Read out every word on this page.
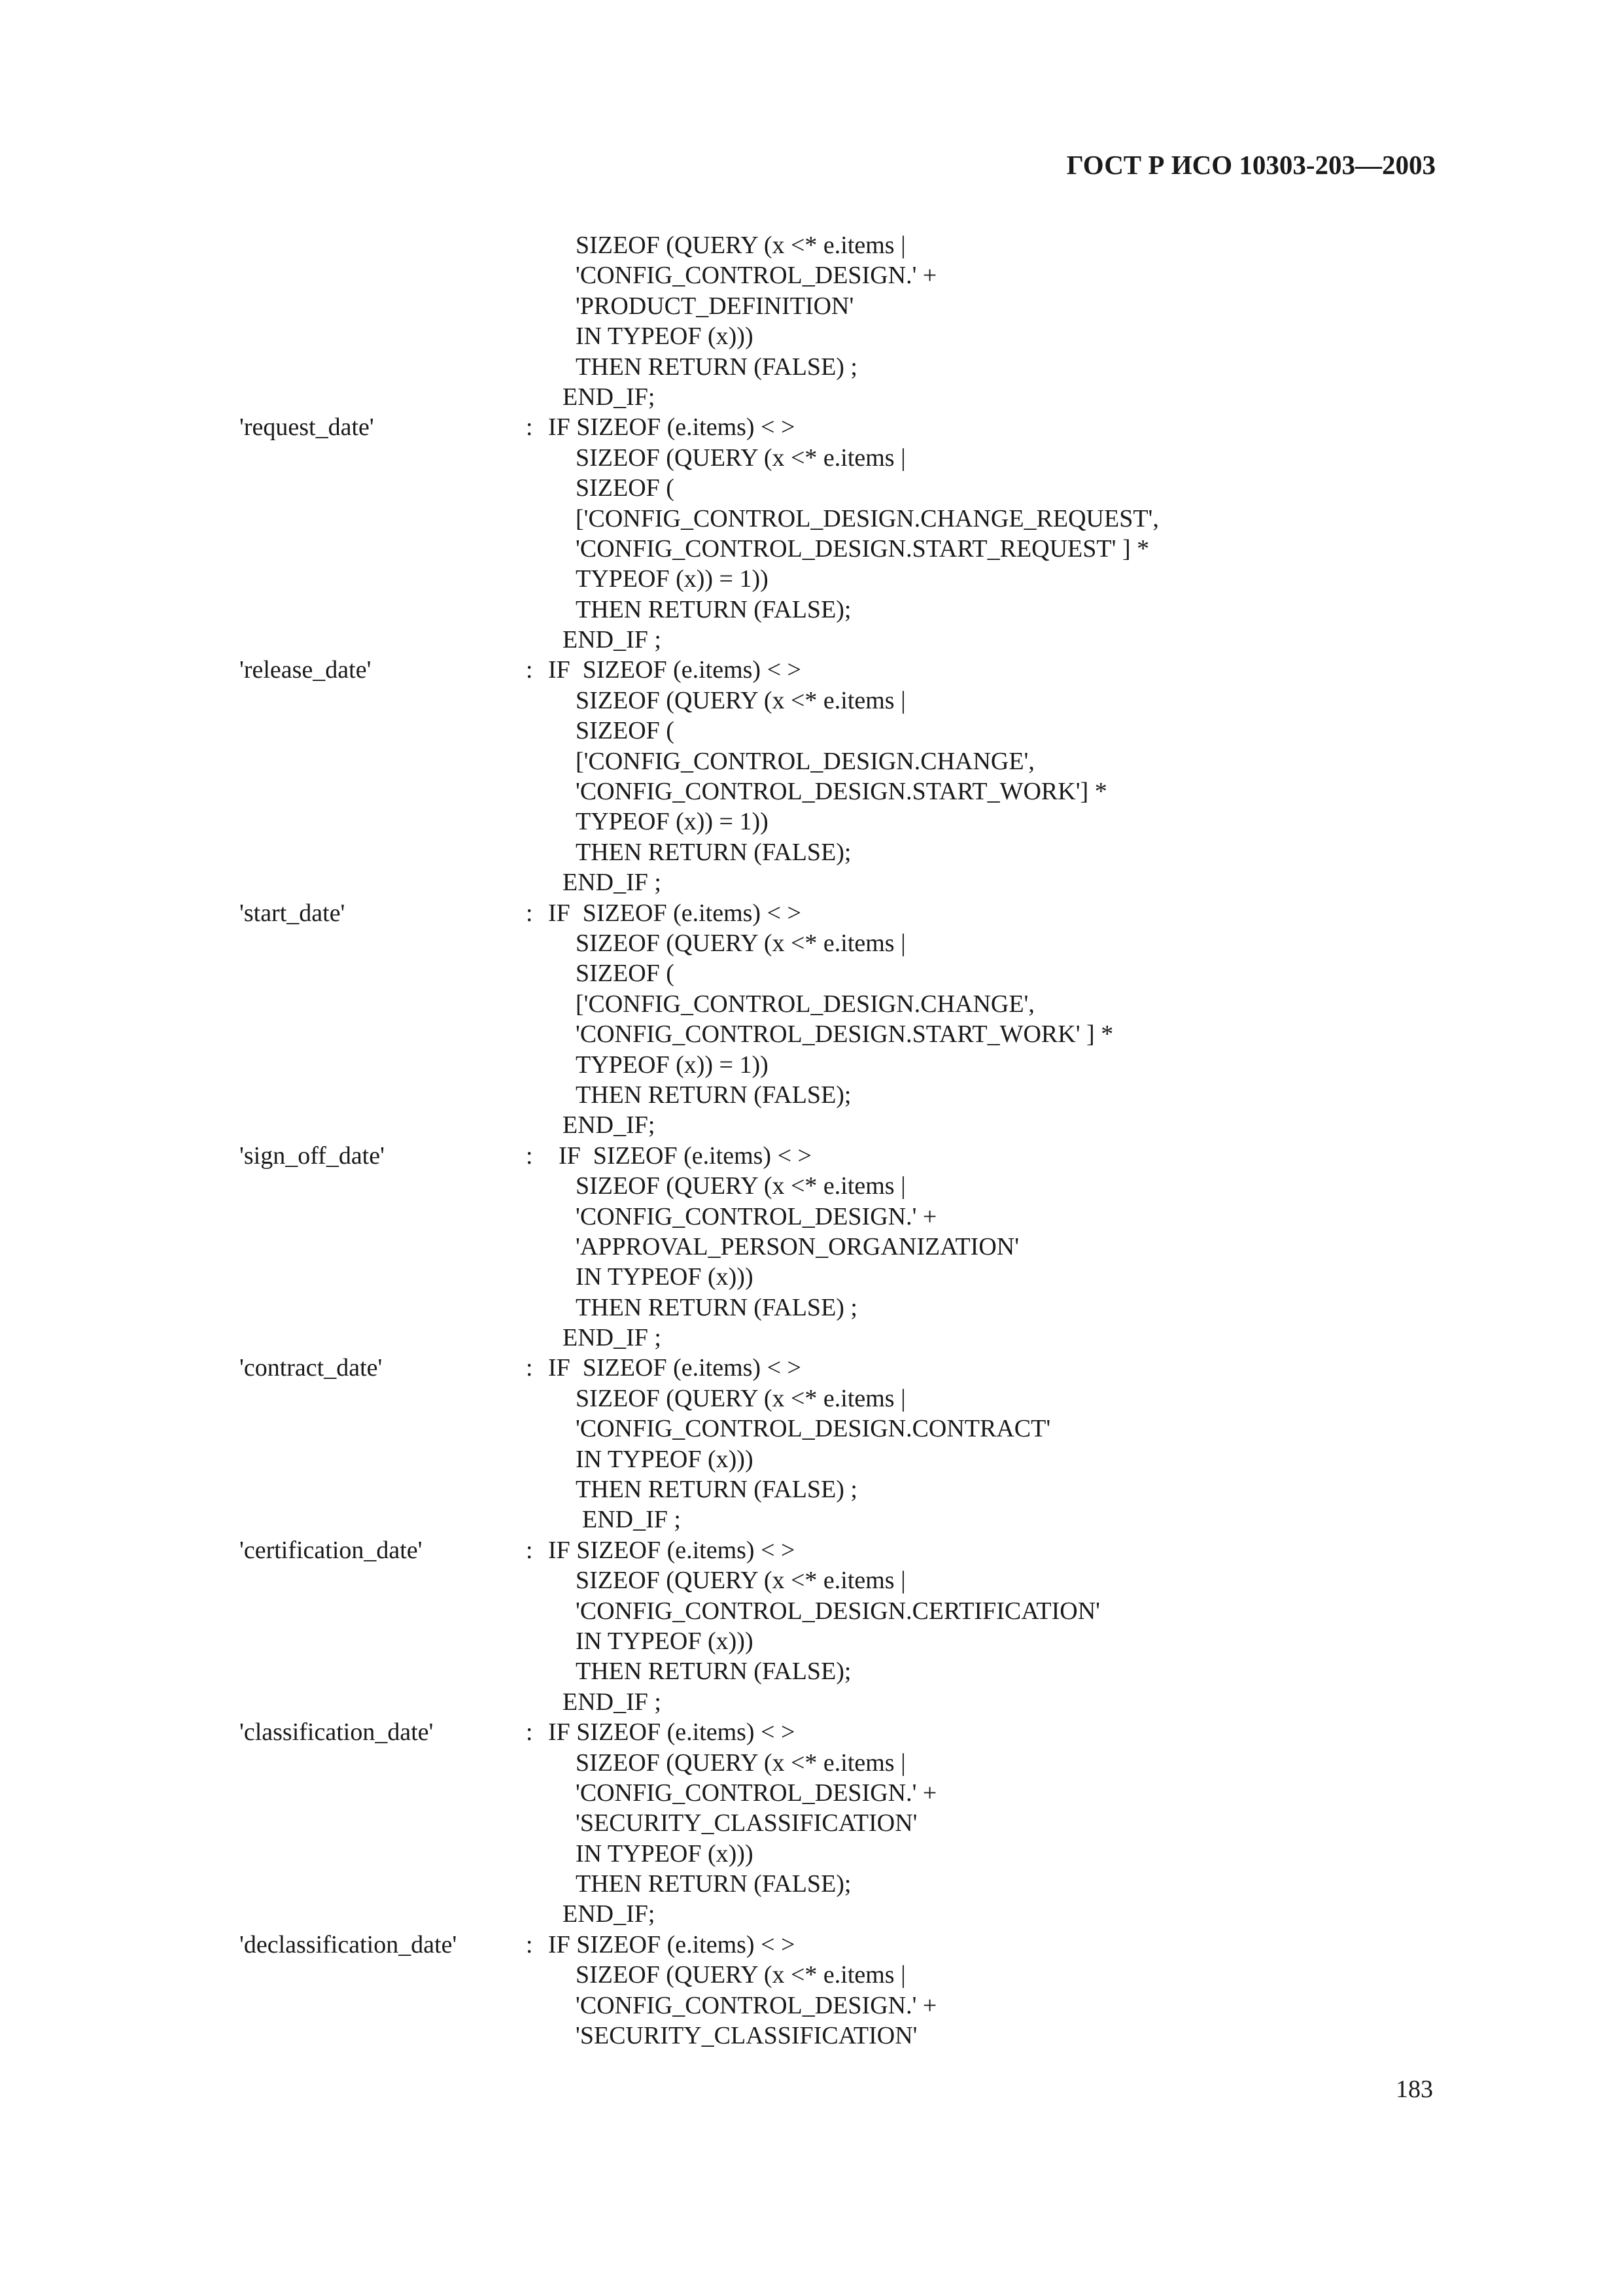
ГОСТ Р ИСО 10303-203—2003
SIZEOF (QUERY (x <* e.items |
'CONFIG_CONTROL_DESIGN.' +
'PRODUCT_DEFINITION'
IN TYPEOF (x)))
THEN RETURN (FALSE) ;
END_IF;
'request_date'	: IF SIZEOF (e.items) < >
SIZEOF (QUERY (x <* e.items |
SIZEOF (
['CONFIG_CONTROL_DESIGN.CHANGE_REQUEST',
'CONFIG_CONTROL_DESIGN.START_REQUEST' ] *
TYPEOF (x)) = 1))
THEN RETURN (FALSE);
END_IF ;
'release_date'	: IF  SIZEOF (e.items) < >
SIZEOF (QUERY (x <* e.items |
SIZEOF (
['CONFIG_CONTROL_DESIGN.CHANGE',
'CONFIG_CONTROL_DESIGN.START_WORK'] *
TYPEOF (x)) = 1))
THEN RETURN (FALSE);
END_IF ;
'start_date'	: IF  SIZEOF (e.items) < >
SIZEOF (QUERY (x <* e.items |
SIZEOF (
['CONFIG_CONTROL_DESIGN.CHANGE',
'CONFIG_CONTROL_DESIGN.START_WORK' ] *
TYPEOF (x)) = 1))
THEN RETURN (FALSE);
END_IF;
'sign_off_date'	: IF  SIZEOF (e.items) < >
SIZEOF (QUERY (x <* e.items |
'CONFIG_CONTROL_DESIGN.' +
'APPROVAL_PERSON_ORGANIZATION'
IN TYPEOF (x)))
THEN RETURN (FALSE) ;
END_IF ;
'contract_date'	: IF  SIZEOF (e.items) < >
SIZEOF (QUERY (x <* e.items |
'CONFIG_CONTROL_DESIGN.CONTRACT'
IN TYPEOF (x)))
THEN RETURN (FALSE) ;
END_IF ;
'certification_date'	: IF SIZEOF (e.items) < >
SIZEOF (QUERY (x <* e.items |
'CONFIG_CONTROL_DESIGN.CERTIFICATION'
IN TYPEOF (x)))
THEN RETURN (FALSE);
END_IF ;
'classification_date'	: IF SIZEOF (e.items) < >
SIZEOF (QUERY (x <* e.items |
'CONFIG_CONTROL_DESIGN.' +
'SECURITY_CLASSIFICATION'
IN TYPEOF (x)))
THEN RETURN (FALSE);
END_IF;
'declassification_date'	: IF SIZEOF (e.items) < >
SIZEOF (QUERY (x <* e.items |
'CONFIG_CONTROL_DESIGN.' +
'SECURITY_CLASSIFICATION'
183
